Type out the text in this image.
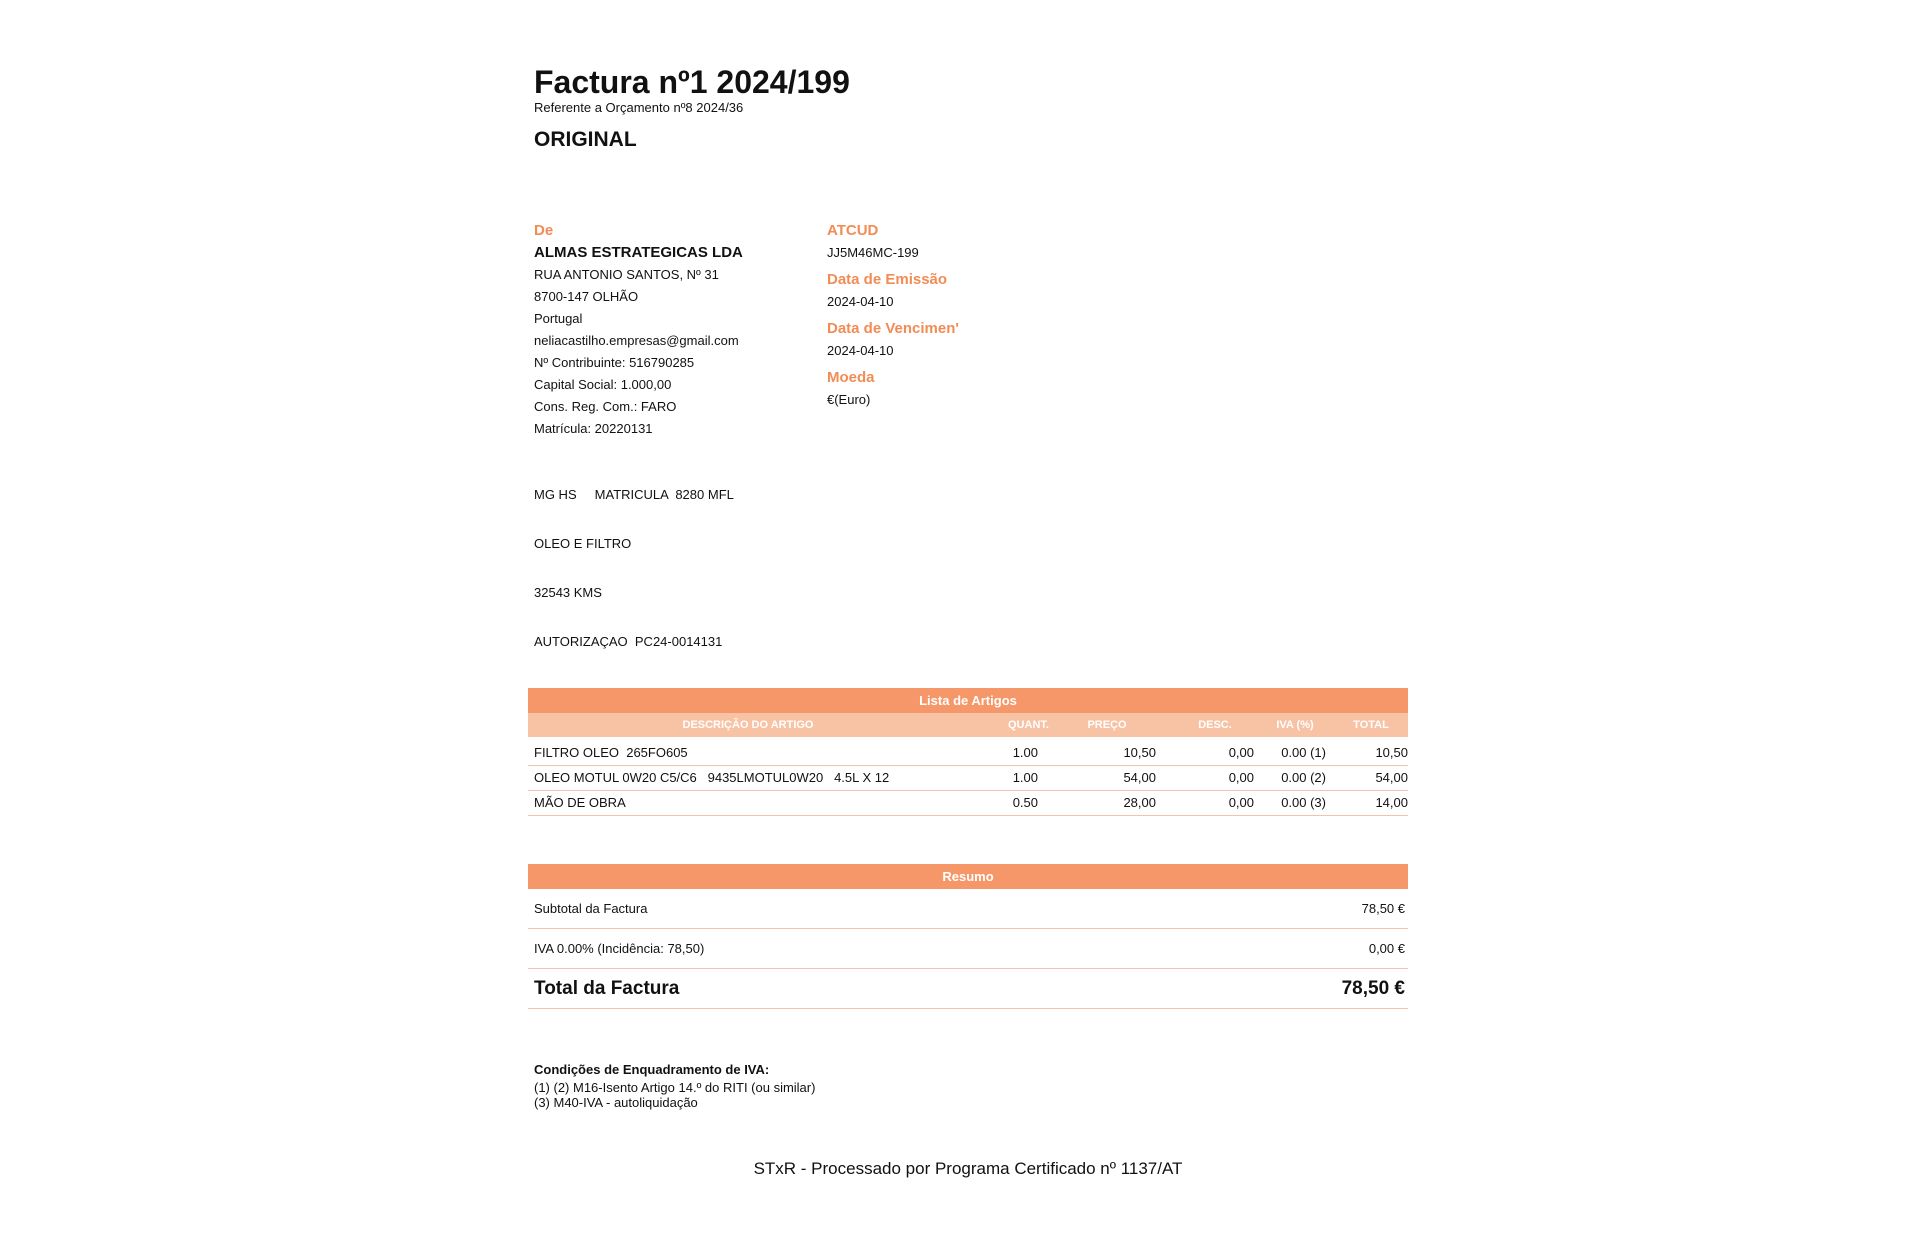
Factura nº1 2024/199
Referente a Orçamento nº8 2024/36
ORIGINAL
De
ALMAS ESTRATEGICAS LDA
RUA ANTONIO SANTOS, Nº 31
8700-147 OLHÃO
Portugal
neliacastilho.empresas@gmail.com
Nº Contribuinte: 516790285
Capital Social: 1.000,00
Cons. Reg. Com.: FARO
Matrícula: 20220131
ATCUD
JJ5M46MC-199
Data de Emissão
2024-04-10
Data de Vencimen'
2024-04-10
Moeda
€(Euro)
MG HS     MATRICULA  8280 MFL
OLEO E FILTRO
32543 KMS
AUTORIZAÇAO  PC24-0014131
Lista de Artigos
DESCRIÇÃO DO ARTIGO	QUANT.	PREÇO	DESC.	IVA (%)	TOTAL
FILTRO OLEO  265FO605	1.00	10,50	0,00	0.00 (1)	10,50
OLEO MOTUL 0W20 C5/C6   9435LMOTUL0W20   4.5L X 12	1.00	54,00	0,00	0.00 (2)	54,00
MÃO DE OBRA	0.50	28,00	0,00	0.00 (3)	14,00
Resumo
Subtotal da Factura	78,50 €
IVA 0.00% (Incidência: 78,50)	0,00 €
Total da Factura	78,50 €
Condições de Enquadramento de IVA:
(1) (2) M16-Isento Artigo 14.º do RITI (ou similar)
(3) M40-IVA - autoliquidação
STxR - Processado por Programa Certificado nº 1137/AT
